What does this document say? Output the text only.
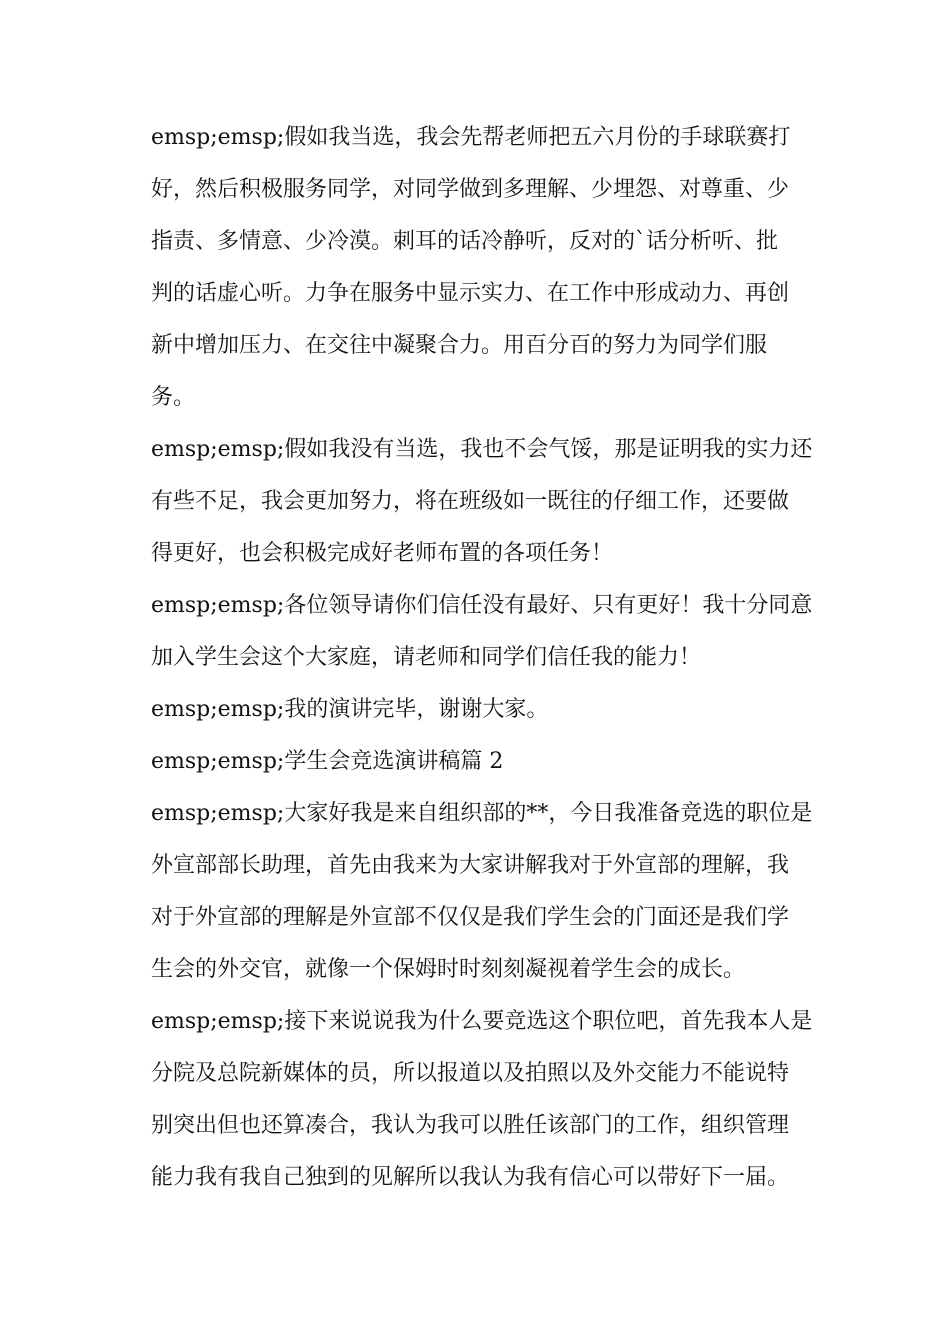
emsp;emsp;假如我当选，我会先帮老师把五六月份的手球联赛打
好，然后积极服务同学，对同学做到多理解、少埋怨、对尊重、少
指责、多情意、少冷漠。刺耳的话冷静听，反对的`话分析听、批
判的话虚心听。力争在服务中显示实力、在工作中形成动力、再创
新中增加压力、在交往中凝聚合力。用百分百的努力为同学们服
务。
emsp;emsp;假如我没有当选，我也不会气馁，那是证明我的实力还
有些不足，我会更加努力，将在班级如一既往的仔细工作，还要做
得更好，也会积极完成好老师布置的各项任务！
emsp;emsp;各位领导请你们信任没有最好、只有更好！我十分同意
加入学生会这个大家庭，请老师和同学们信任我的能力！
emsp;emsp;我的演讲完毕，谢谢大家。
emsp;emsp;学生会竞选演讲稿篇 2
emsp;emsp;大家好我是来自组织部的**，今日我准备竞选的职位是
外宣部部长助理，首先由我来为大家讲解我对于外宣部的理解，我
对于外宣部的理解是外宣部不仅仅是我们学生会的门面还是我们学
生会的外交官，就像一个保姆时时刻刻凝视着学生会的成长。
emsp;emsp;接下来说说我为什么要竞选这个职位吧，首先我本人是
分院及总院新媒体的员，所以报道以及拍照以及外交能力不能说特
别突出但也还算凑合，我认为我可以胜任该部门的工作，组织管理
能力我有我自己独到的见解所以我认为我有信心可以带好下一届。
